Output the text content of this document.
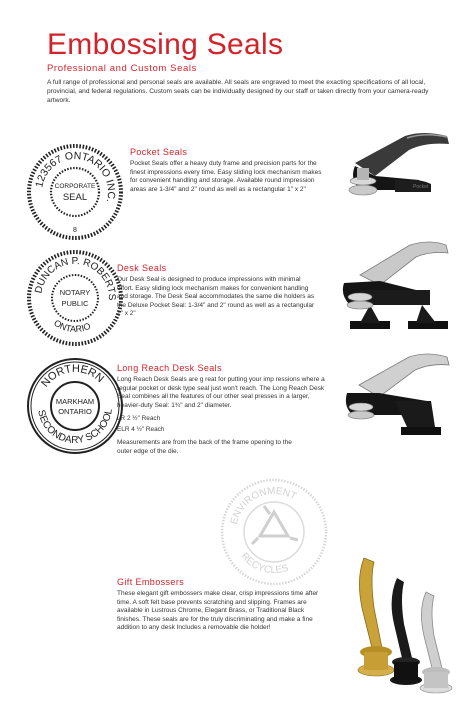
Embossing Seals
Professional and Custom Seals
A full range of professional and personal seals are available. All seals are engraved to meet the exacting specifications of all local, provincial, and federal regulations. Custom seals can be individually designed by our staff or taken directly from your camera-ready artwork.
123567 ONTARIO INC.
CORPORATE
SEAL
8
Pocket Seals
Pocket Seals offer a heavy duty frame and precision parts for the finest impressions every time. Easy sliding lock mechanism makes for convenient handling and storage. Available round impression areas are 1-3/4" and 2" round as well as a rectangular 1" x 2"	Pocket
DUNCAN P. ROBERTS
ONTARIO
NOTARY
PUBLIC
Desk Seals
Our Desk Seal is designed to produce impressions with minimal effort. Easy sliding lock mechanism makes for convenient handling and storage. The Desk Seal accommodates the same die holders as the Deluxe Pocket Seal: 1-3/4" and 2" round as well as a rectangular 1" x 2"
NORTHERN
SECONDARY SCHOOL
MARKHAM
ONTARIO
Long Reach Desk Seals
Long Reach Desk Seals are g reat for putting your imp ressions where a regular pocket or desk type seal just won't reach. The Long Reach Desk Seal combines all the features of our other seal presses in a larger, heavier-duty Seal: 1¾" and 2" diameter.
LR 2 ½" Reach
ELR 4 ½" Reach
Measurements are from the back of the frame opening to the outer edge of the die.
ENVIRONMENT
RECYCLES
Gift Embossers
These elegant gift embossers make clear, crisp impressions time after time. A soft felt base prevents scratching and slipping. Frames are available in Lustrous Chrome, Elegant Brass, or Traditional Black finishes. These seals are for the truly discriminating and make a fine addition to any desk Includes a removable die holder!
